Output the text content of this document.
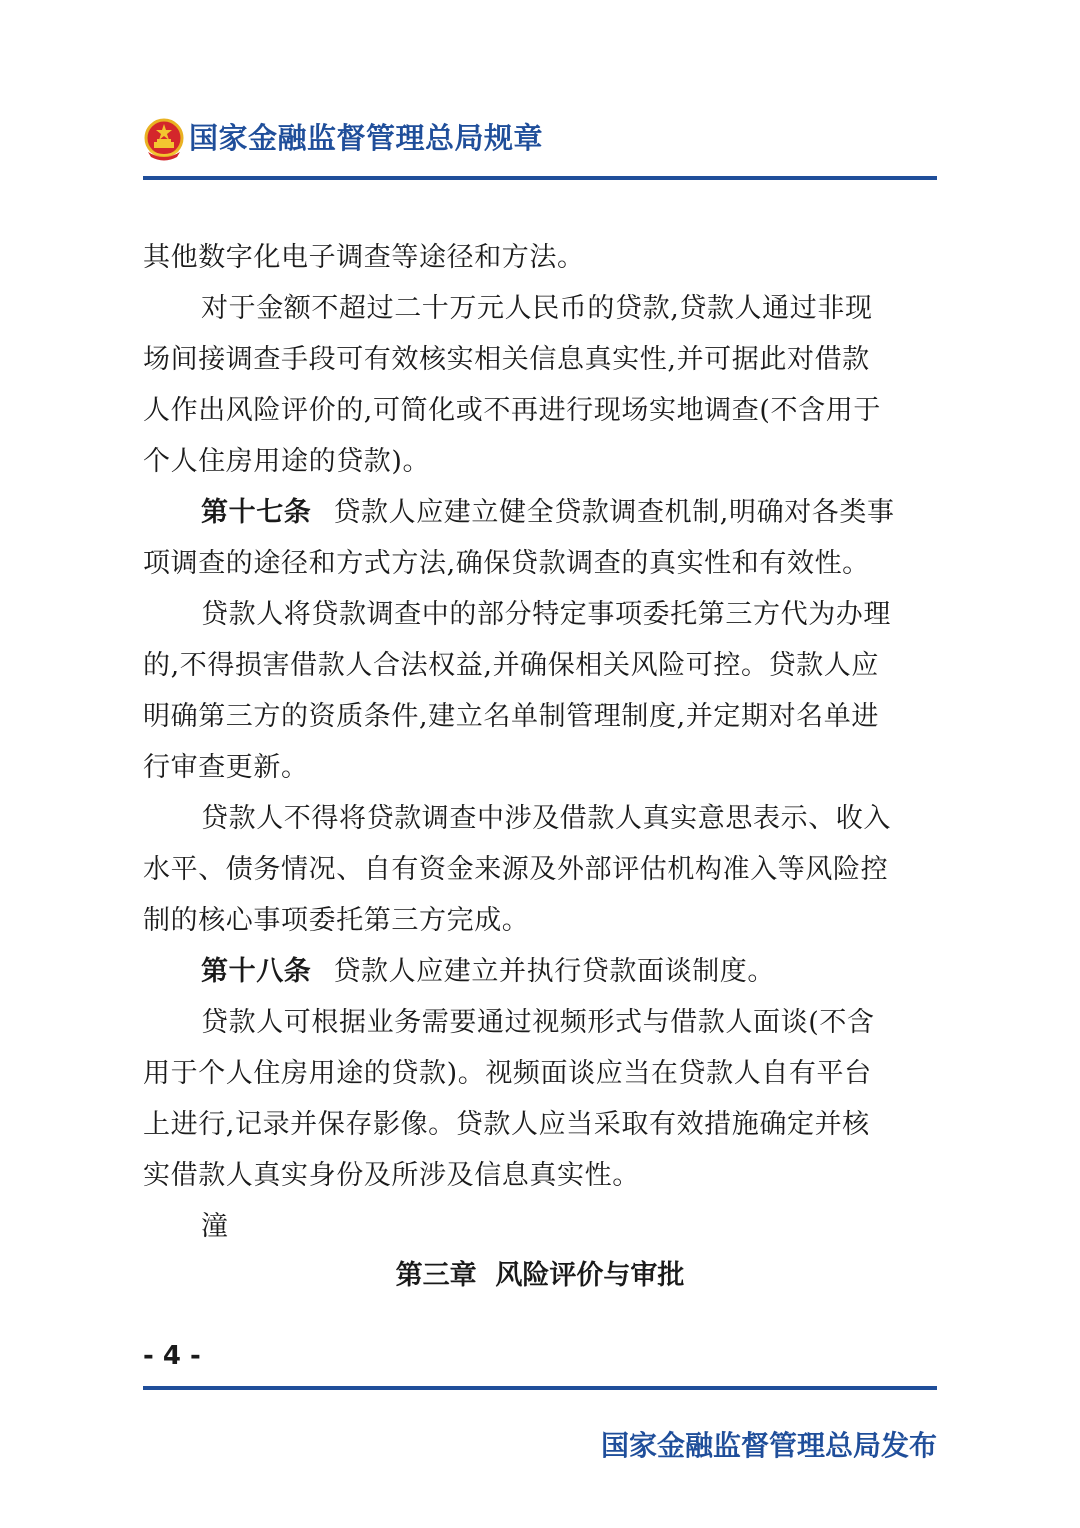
国家金融监督管理总局规章
其他数字化电子调查等途径和方法。
对于金额不超过二十万元人民币的贷款,贷款人通过非现
场间接调查手段可有效核实相关信息真实性,并可据此对借款
人作出风险评价的,可简化或不再进行现场实地调查(不含用于
个人住房用途的贷款)。
第十七条 贷款人应建立健全贷款调查机制,明确对各类事
项调查的途径和方式方法,确保贷款调查的真实性和有效性。
贷款人将贷款调查中的部分特定事项委托第三方代为办理
的,不得损害借款人合法权益,并确保相关风险可控。贷款人应
明确第三方的资质条件,建立名单制管理制度,并定期对名单进
行审查更新。
贷款人不得将贷款调查中涉及借款人真实意思表示、收入
水平、债务情况、自有资金来源及外部评估机构准入等风险控
制的核心事项委托第三方完成。
第十八条 贷款人应建立并执行贷款面谈制度。
贷款人可根据业务需要通过视频形式与借款人面谈(不含
用于个人住房用途的贷款)。视频面谈应当在贷款人自有平台
上进行,记录并保存影像。贷款人应当采取有效措施确定并核
实借款人真实身份及所涉及信息真实性。
潼
第三章  风险评价与审批
- 4 -
国家金融监督管理总局发布
